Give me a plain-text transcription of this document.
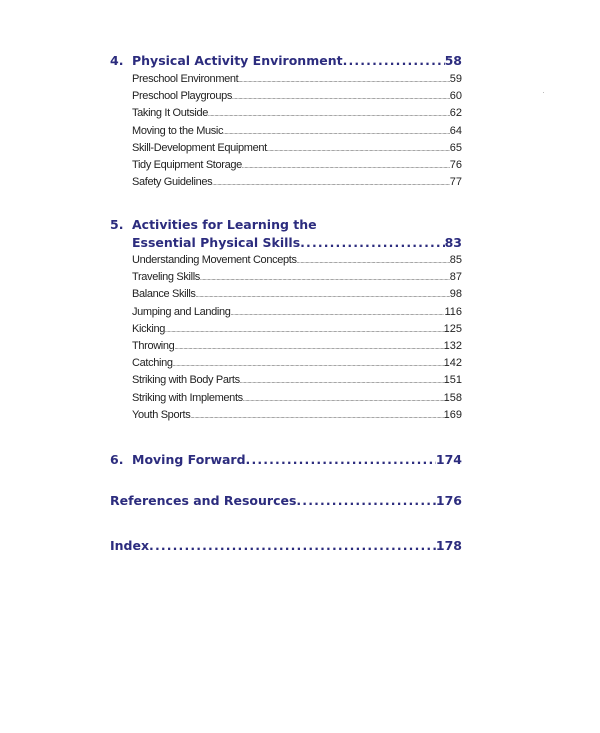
4. Physical Activity Environment . . .	58
Preschool Environment .....	59
Preschool Playgroups .....	60
Taking It Outside .....	62
Moving to the Music .....	64
Skill-Development Equipment .....	65
Tidy Equipment Storage .....	76
Safety Guidelines .....	77
5. Activities for Learning the
Essential Physical Skills . . .	83
Understanding Movement Concepts .....	85
Traveling Skills .....	87
Balance Skills .....	98
Jumping and Landing .....	116
Kicking .....	125
Throwing .....	132
Catching .....	142
Striking with Body Parts .....	151
Striking with Implements .....	158
Youth Sports .....	169
6. Moving Forward . . .	174
References and Resources . . .	176
Index . . .	178
